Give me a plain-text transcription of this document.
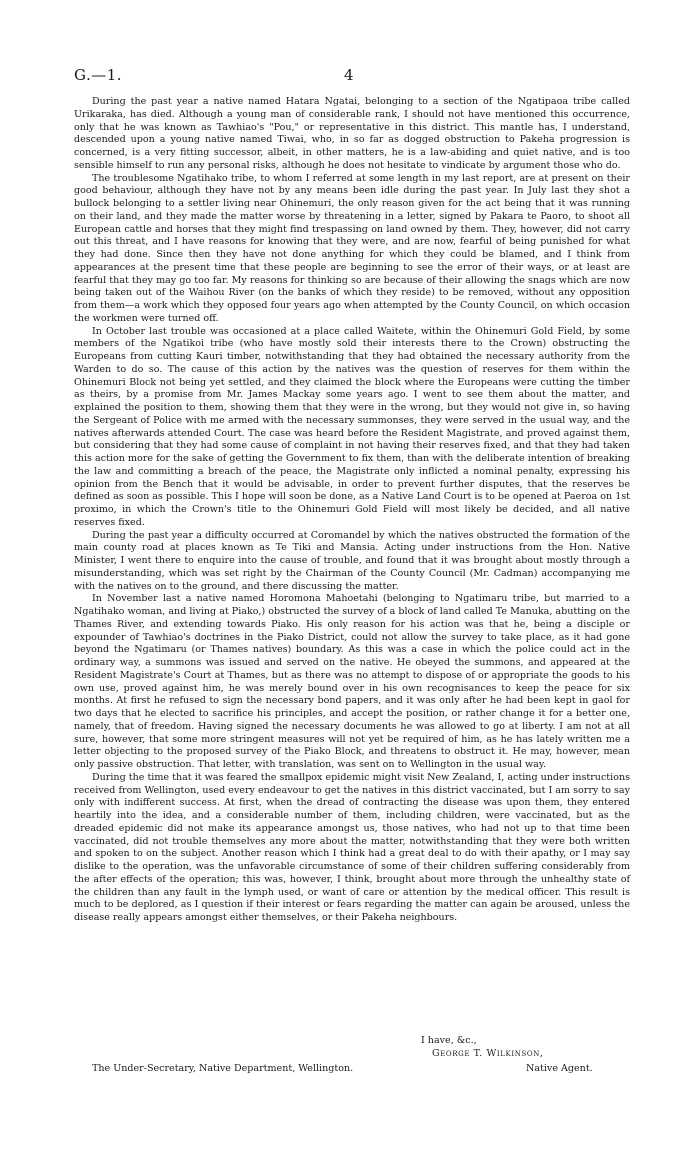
G.—1.	4

During the past year a native named Hatara Ngatai, belonging to a section of the Ngatipaoa tribe called Urikaraka, has died. Although a young man of considerable rank, I should not have mentioned this occurrence, only that he was known as Tawhiao's "Pou," or representative in this district. This mantle has, I understand, descended upon a young native named Tiwai, who, in so far as dogged obstruction to Pakeha progression is concerned, is a very fitting successor, albeit, in other matters, he is a law-abiding and quiet native, and is too sensible himself to run any personal risks, although he does not hesitate to vindicate by argument those who do.

The troublesome Ngatihako tribe, to whom I referred at some length in my last report, are at present on their good behaviour, although they have not by any means been idle during the past year. In July last they shot a bullock belonging to a settler living near Ohinemuri, the only reason given for the act being that it was running on their land, and they made the matter worse by threatening in a letter, signed by Pakara te Paoro, to shoot all European cattle and horses that they might find trespassing on land owned by them. They, however, did not carry out this threat, and I have reasons for knowing that they were, and are now, fearful of being punished for what they had done. Since then they have not done anything for which they could be blamed, and I think from appearances at the present time that these people are beginning to see the error of their ways, or at least are fearful that they may go too far. My reasons for thinking so are because of their allowing the snags which are now being taken out of the Waihou River (on the banks of which they reside) to be removed, without any opposition from them—a work which they opposed four years ago when attempted by the County Council, on which occasion the workmen were turned off.

In October last trouble was occasioned at a place called Waitete, within the Ohinemuri Gold Field, by some members of the Ngatikoi tribe (who have mostly sold their interests there to the Crown) obstructing the Europeans from cutting Kauri timber, notwithstanding that they had obtained the necessary authority from the Warden to do so. The cause of this action by the natives was the question of reserves for them within the Ohinemuri Block not being yet settled, and they claimed the block where the Europeans were cutting the timber as theirs, by a promise from Mr. James Mackay some years ago. I went to see them about the matter, and explained the position to them, showing them that they were in the wrong, but they would not give in, so having the Sergeant of Police with me armed with the necessary summonses, they were served in the usual way, and the natives afterwards attended Court. The case was heard before the Resident Magistrate, and proved against them, but considering that they had some cause of complaint in not having their reserves fixed, and that they had taken this action more for the sake of getting the Government to fix them, than with the deliberate intention of breaking the law and committing a breach of the peace, the Magistrate only inflicted a nominal penalty, expressing his opinion from the Bench that it would be advisable, in order to prevent further disputes, that the reserves be defined as soon as possible. This I hope will soon be done, as a Native Land Court is to be opened at Paeroa on 1st proximo, in which the Crown's title to the Ohinemuri Gold Field will most likely be decided, and all native reserves fixed.

During the past year a difficulty occurred at Coromandel by which the natives obstructed the formation of the main county road at places known as Te Tiki and Mansia. Acting under instructions from the Hon. Native Minister, I went there to enquire into the cause of trouble, and found that it was brought about mostly through a misunderstanding, which was set right by the Chairman of the County Council (Mr. Cadman) accompanying me with the natives on to the ground, and there discussing the matter.

In November last a native named Horomona Mahoetahi (belonging to Ngatimaru tribe, but married to a Ngatihako woman, and living at Piako,) obstructed the survey of a block of land called Te Manuka, abutting on the Thames River, and extending towards Piako. His only reason for his action was that he, being a disciple or expounder of Tawhiao's doctrines in the Piako District, could not allow the survey to take place, as it had gone beyond the Ngatimaru (or Thames natives) boundary. As this was a case in which the police could act in the ordinary way, a summons was issued and served on the native. He obeyed the summons, and appeared at the Resident Magistrate's Court at Thames, but as there was no attempt to dispose of or appropriate the goods to his own use, proved against him, he was merely bound over in his own recognisances to keep the peace for six months. At first he refused to sign the necessary bond papers, and it was only after he had been kept in gaol for two days that he elected to sacrifice his principles, and accept the position, or rather change it for a better one, namely, that of freedom. Having signed the necessary documents he was allowed to go at liberty. I am not at all sure, however, that some more stringent measures will not yet be required of him, as he has lately written me a letter objecting to the proposed survey of the Piako Block, and threatens to obstruct it. He may, however, mean only passive obstruction. That letter, with translation, was sent on to Wellington in the usual way.

During the time that it was feared the smallpox epidemic might visit New Zealand, I, acting under instructions received from Wellington, used every endeavour to get the natives in this district vaccinated, but I am sorry to say only with indifferent success. At first, when the dread of contracting the disease was upon them, they entered heartily into the idea, and a considerable number of them, including children, were vaccinated, but as the dreaded epidemic did not make its appearance amongst us, those natives, who had not up to that time been vaccinated, did not trouble themselves any more about the matter, notwithstanding that they were both written and spoken to on the subject. Another reason which I think had a great deal to do with their apathy, or I may say dislike to the operation, was the unfavorable circumstance of some of their children suffering considerably from the after effects of the operation; this was, however, I think, brought about more through the unhealthy state of the children than any fault in the lymph used, or want of care or attention by the medical officer. This result is much to be deplored, as I question if their interest or fears regarding the matter can again be aroused, unless the disease really appears amongst either themselves, or their Pakeha neighbours.

I have, &c.,
George T. Wilkinson,
The Under-Secretary, Native Department, Wellington.	Native Agent.
